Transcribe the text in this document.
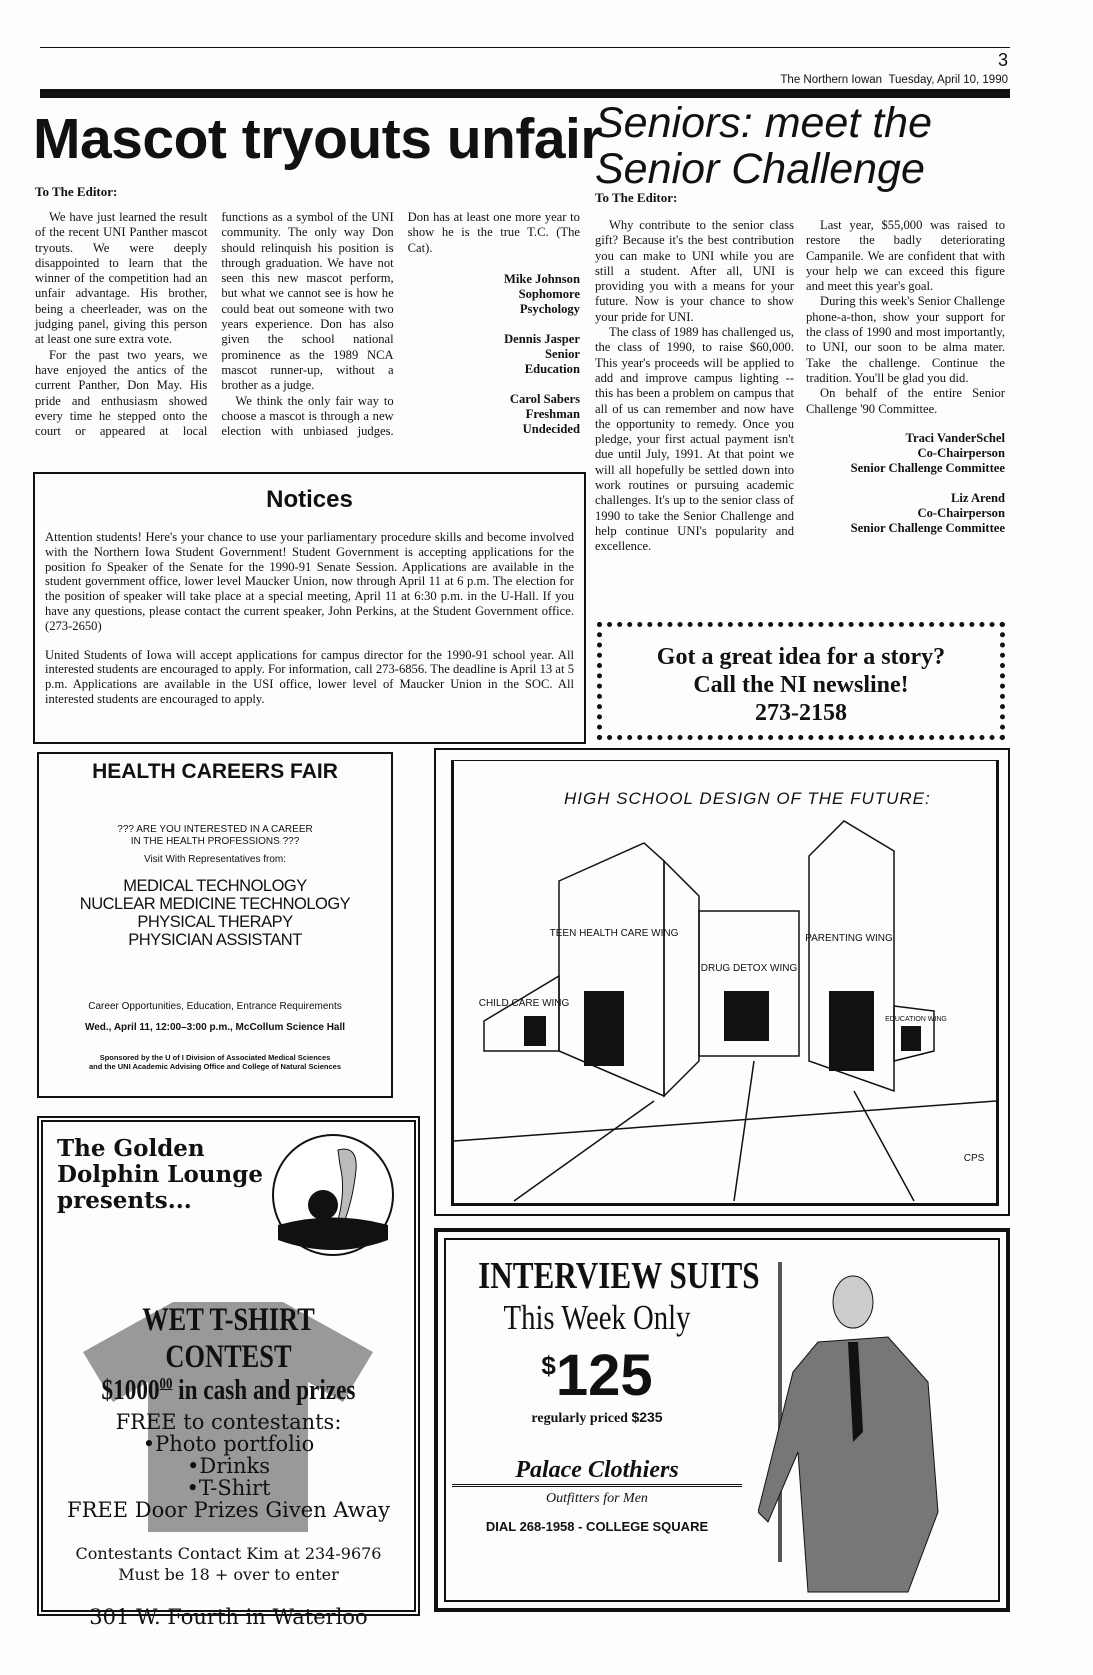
3
The Northern Iowan Tuesday, April 10, 1990
Mascot tryouts unfair
To The Editor:

We have just learned the result of the recent UNI Panther mascot tryouts. We were deeply disappointed to learn that the winner of the competition had an unfair advantage. His brother, being a cheerleader, was on the judging panel, giving this person at least one sure extra vote.

For the past two years, we have enjoyed the antics of the current Panther, Don May. His pride and enthusiasm showed every time he stepped onto the court or appeared at local functions as a symbol of the UNI community. The only way Don should relinquish his position is through graduation. We have not seen this new mascot perform, but what we cannot see is how he could beat out someone with two years experience. Don has also given the school national prominence as the 1989 NCA mascot runner-up, without a brother as a judge.

We think the only fair way to choose a mascot is through a new election with unbiased judges. Don has at least one more year to show he is the true T.C. (The Cat).

Mike Johnson
Sophomore
Psychology
Dennis Jasper
Senior
Education
Carol Sabers
Freshman
Undecided
Seniors: meet the
Senior Challenge
To The Editor:

Why contribute to the senior class gift? Because it's the best contribution you can make to UNI while you are still a student. After all, UNI is providing you with a means for your future. Now is your chance to show your pride for UNI.

The class of 1989 has challenged us, the class of 1990, to raise $60,000. This year's proceeds will be applied to add and improve campus lighting -- this has been a problem on campus that all of us can remember and now have the opportunity to remedy. Once you pledge, your first actual payment isn't due until July, 1991. At that point we will all hopefully be settled down into work routines or pursuing academic challenges. It's up to the senior class of 1990 to take the Senior Challenge and help continue UNI's popularity and excellence.

Last year, $55,000 was raised to restore the badly deteriorating Campanile. We are confident that with your help we can exceed this figure and meet this year's goal.

During this week's Senior Challenge phone-a-thon, show your support for the class of 1990 and most importantly, to UNI, our soon to be alma mater. Take the challenge. Continue the tradition. You'll be glad you did.

On behalf of the entire Senior Challenge '90 Committee.

Traci VanderSchel
Co-Chairperson
Senior Challenge Committee
Liz Arend
Co-Chairperson
Senior Challenge Committee
Notices

Attention students! Here's your chance to use your parliamentary procedure skills and become involved with the Northern Iowa Student Government! Student Government is accepting applications for the position fo Speaker of the Senate for the 1990-91 Senate Session. Applications are available in the student government office, lower level Maucker Union, now through April 11 at 6 p.m. The election for the position of speaker will take place at a special meeting, April 11 at 6:30 p.m. in the U-Hall. If you have any questions, please contact the current speaker, John Perkins, at the Student Government office. (273-2650)

United Students of Iowa will accept applications for campus director for the 1990-91 school year. All interested students are encouraged to apply. For information, call 273-6856. The deadline is April 13 at 5 p.m. Applications are available in the USI office, lower level of Maucker Union in the SOC. All interested students are encouraged to apply.

Got a great idea for a story?
Call the NI newsline!
273-2158
HEALTH CAREERS FAIR
??? ARE YOU INTERESTED IN A CAREER
IN THE HEALTH PROFESSIONS ???
Visit With Representatives from:
MEDICAL TECHNOLOGY
NUCLEAR MEDICINE TECHNOLOGY
PHYSICAL THERAPY
PHYSICIAN ASSISTANT
Career Opportunities, Education, Entrance Requirements
Wed., April 11, 12:00–3:00 p.m., McCollum Science Hall
Sponsored by the U of I Division of Associated Medical Sciences
and the UNI Academic Advising Office and College of Natural Sciences
HIGH SCHOOL DESIGN OF THE FUTURE:
CHILD CARE WING
TEEN HEALTH CARE WING
DRUG DETOX WING
PARENTING WING
EDUCATION WING
CPS
The Golden
Dolphin Lounge
presents...
WET T-SHIRT CONTEST
$1000$^{00}$ in cash and prizes
FREE to contestants:
•Photo portfolio
•Drinks
•T-Shirt
FREE Door Prizes Given Away
Contestants Contact Kim at 234-9676
Must be 18 + over to enter
301 W. Fourth in Waterloo
INTERVIEW SUITS
This Week Only
$125
regularly priced $235
Palace Clothiers
Outfitters for Men
DIAL 268-1958 - COLLEGE SQUARE
